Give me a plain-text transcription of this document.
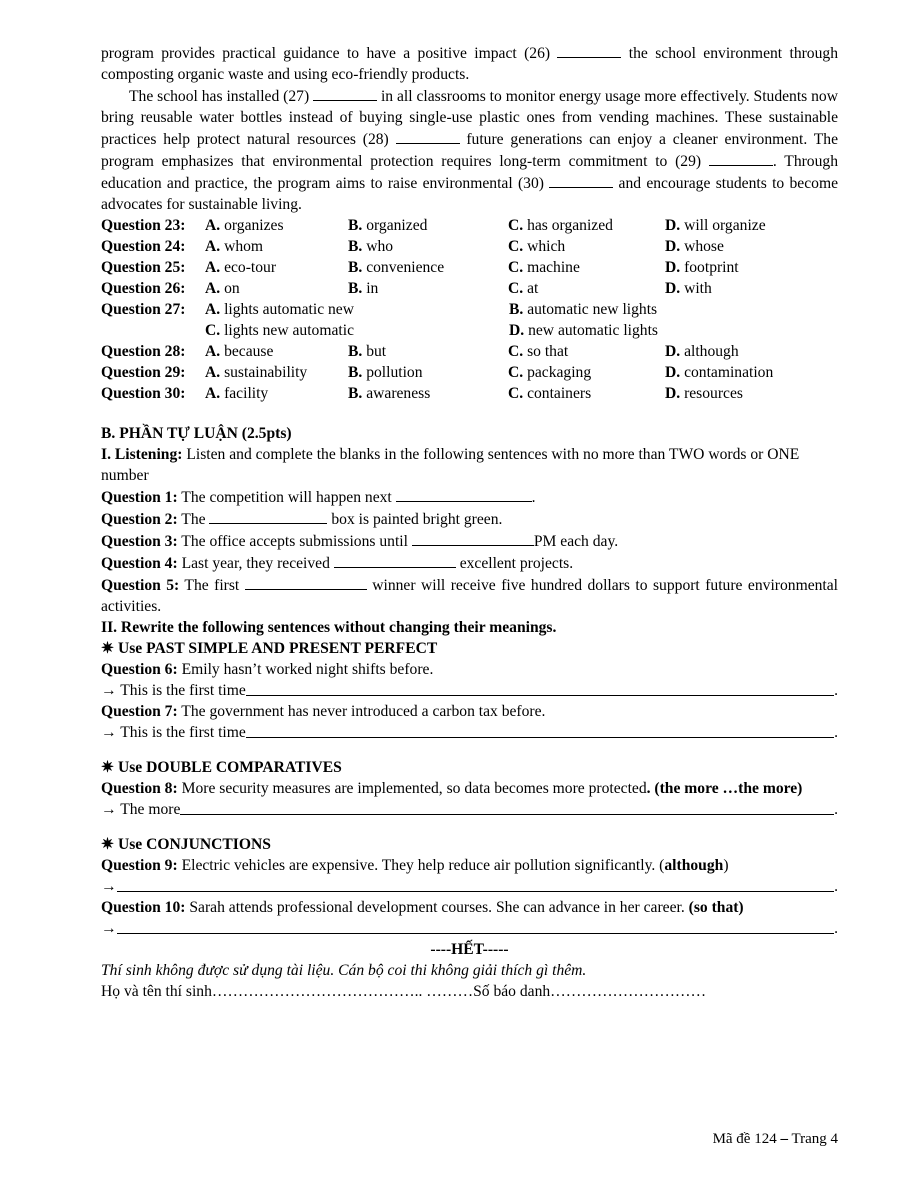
program provides practical guidance to have a positive impact (26)	the school environment through composting organic waste and using eco-friendly products.

The school has installed (27)	in all classrooms to monitor energy usage more effectively. Students now bring reusable water bottles instead of buying single-use plastic ones from vending machines. These sustainable practices help protect natural resources (28)	future generations can enjoy a cleaner environment. The program emphasizes that environmental protection requires long-term commitment to (29)	. Through education and practice, the program aims to raise environmental (30)	and encourage students to become advocates for sustainable living.

Question 23:	A. organizes	B. organized	C. has organized	D. will organize
Question 24:	A. whom	B. who	C. which	D. whose
Question 25:	A. eco-tour	B. convenience	C. machine	D. footprint
Question 26:	A. on	B. in	C. at	D. with
Question 27:	A. lights automatic new	B. automatic new lights
C. lights new automatic	D. new automatic lights
Question 28:	A. because	B. but	C. so that	D. although
Question 29:	A. sustainability	B. pollution	C. packaging	D. contamination
Question 30:	A. facility	B. awareness	C. containers	D. resources

B. PHẦN TỰ LUẬN (2.5pts)

I. Listening: Listen and complete the blanks in the following sentences with no more than TWO words or ONE number

Question 1: The competition will happen next	.

Question 2: The	box is painted bright green.

Question 3: The office accepts submissions until	PM each day.

Question 4: Last year, they received	excellent projects.

Question 5: The first	winner will receive five hundred dollars to support future environmental activities.

II. Rewrite the following sentences without changing their meanings.

✷ Use PAST SIMPLE AND PRESENT PERFECT

Question 6: Emily hasn’t worked night shifts before.

→ This is the first time	.

Question 7: The government has never introduced a carbon tax before.

→ This is the first time	.

✷ Use DOUBLE COMPARATIVES

Question 8: More security measures are implemented, so data becomes more protected. (the more …the more)

→ The more	.

✷ Use CONJUNCTIONS

Question 9: Electric vehicles are expensive. They help reduce air pollution significantly. (although)

→	.

Question 10: Sarah attends professional development courses. She can advance in her career. (so that)

→	.

----HẾT-----

Thí sinh không được sử dụng tài liệu. Cán bộ coi thi không giải thích gì thêm.

Họ và tên thí sinh………………………………….. ………Số báo danh…………………………

Mã đề 124 – Trang 4
